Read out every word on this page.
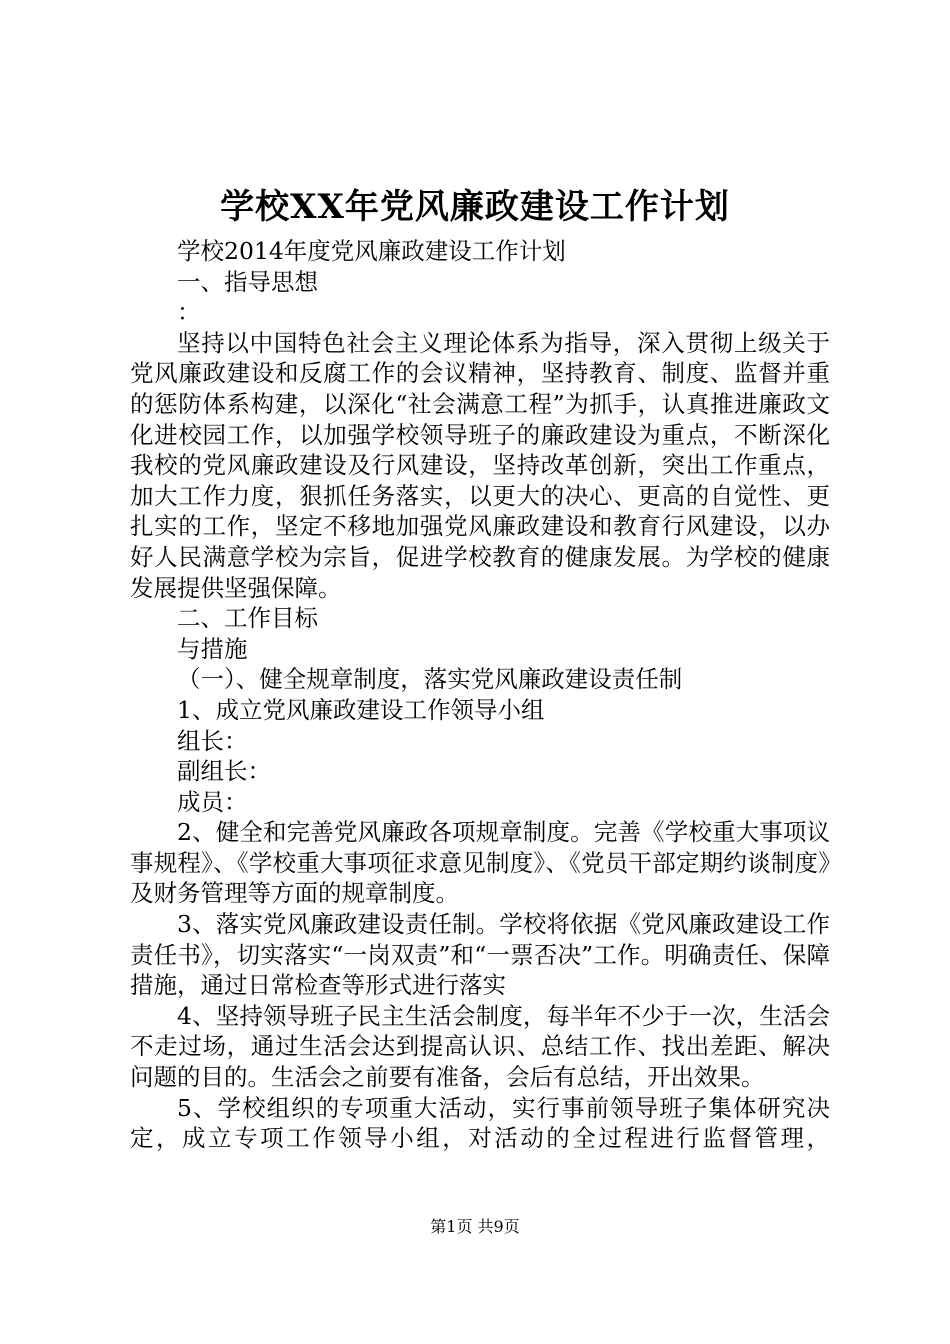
学校XX年党风廉政建设工作计划

学校2014年度党风廉政建设工作计划

一、指导思想

：

坚持以中国特色社会主义理论体系为指导，深入贯彻上级关于党风廉政建设和反腐工作的会议精神，坚持教育、制度、监督并重的惩防体系构建，以深化“社会满意工程”为抓手，认真推进廉政文化进校园工作，以加强学校领导班子的廉政建设为重点，不断深化我校的党风廉政建设及行风建设，坚持改革创新，突出工作重点，加大工作力度，狠抓任务落实，以更大的决心、更高的自觉性、更扎实的工作，坚定不移地加强党风廉政建设和教育行风建设，以办好人民满意学校为宗旨，促进学校教育的健康发展。为学校的健康发展提供坚强保障。

二、工作目标

与措施

（一）、健全规章制度，落实党风廉政建设责任制

1、成立党风廉政建设工作领导小组

组长：

副组长：

成员：

2、健全和完善党风廉政各项规章制度。完善《学校重大事项议事规程》、《学校重大事项征求意见制度》、《党员干部定期约谈制度》及财务管理等方面的规章制度。

3、落实党风廉政建设责任制。学校将依据《党风廉政建设工作责任书》，切实落实“一岗双责”和“一票否决”工作。明确责任、保障措施，通过日常检查等形式进行落实

4、坚持领导班子民主生活会制度，每半年不少于一次，生活会不走过场，通过生活会达到提高认识、总结工作、找出差距、解决问题的目的。生活会之前要有准备，会后有总结，开出效果。

5、学校组织的专项重大活动，实行事前领导班子集体研究决定，成立专项工作领导小组，对活动的全过程进行监督管理，

第1页 共9页
